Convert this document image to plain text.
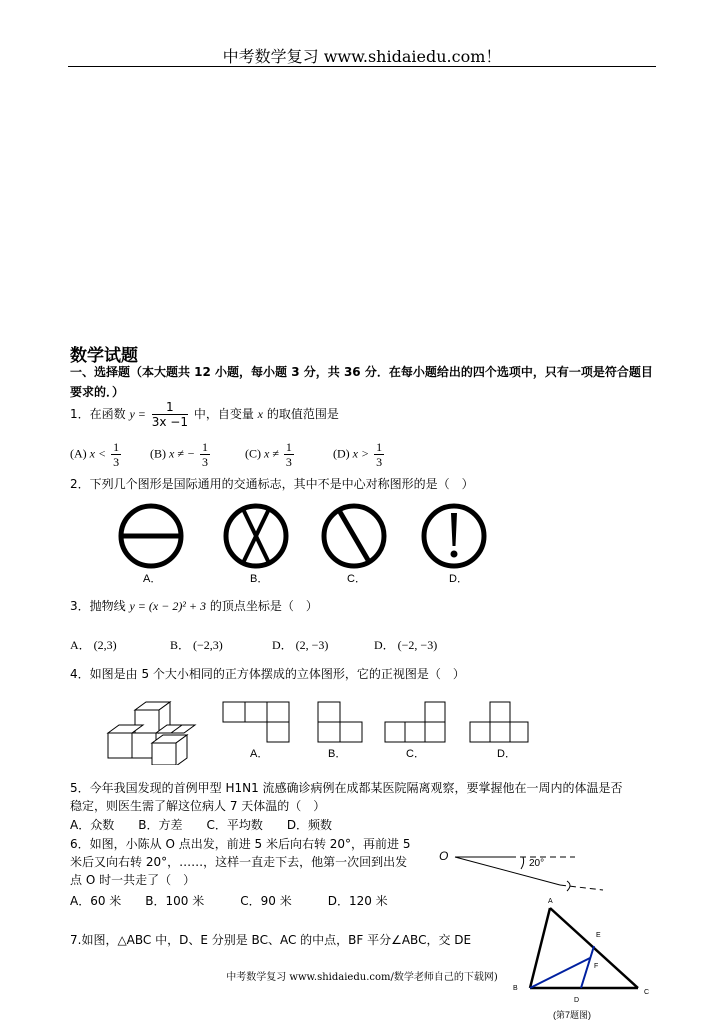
中考数学复习 www.shidaiedu.com！
数学试题
一、选择题（本大题共 12 小题，每小题 3 分，共 36 分．在每小题给出的四个选项中，只有一项是符合题目要求的．）
1．在函数 $y = \frac{1}{3x -1}$ 中，自变量 x 的取值范围是
(A) $x < \frac{1}{3} (B) x$ ≠ − $\frac{1}{3}$	(C) $x \ne \frac{1}{3}$	(D) $x > \frac{1}{3}$
2．下列几个图形是国际通用的交通标志，其中不是中心对称图形的是（　）
A．	B．	C．	D．
3．抛物线 y = (x − 2)² + 3 的顶点坐标是（　）
A． (2,3)	B． (−2,3)	D． (2, −3)	D． (−2, −3)
4．如图是由 5 个大小相同的正方体摆成的立体图形，它的正视图是（　）
A．	B．	C．	D．
5．今年我国发现的首例甲型 H1N1 流感确诊病例在成都某医院隔离观察，要掌握他在一周内的体温是否
稳定，则医生需了解这位病人 7 天体温的（　）
A．众数　　B．方差　　C．平均数　　D．频数
6．如图，小陈从 O 点出发，前进 5 米后向右转 20°，再前进 5
米后又向右转 20°，……，这样一直走下去，他第一次回到出发
点 O 时一共走了（　）
A．60 米　　B．100 米　　　C．90 米　　　D．120 米
O
20°
7.如图，△ABC 中，D、E 分别是 BC、AC 的中点，BF 平分∠ABC，交 DE
A
E
F
B
C
D
(第7题图)
中考数学复习 www.shidaiedu.com/数学老师自己的下载网)
